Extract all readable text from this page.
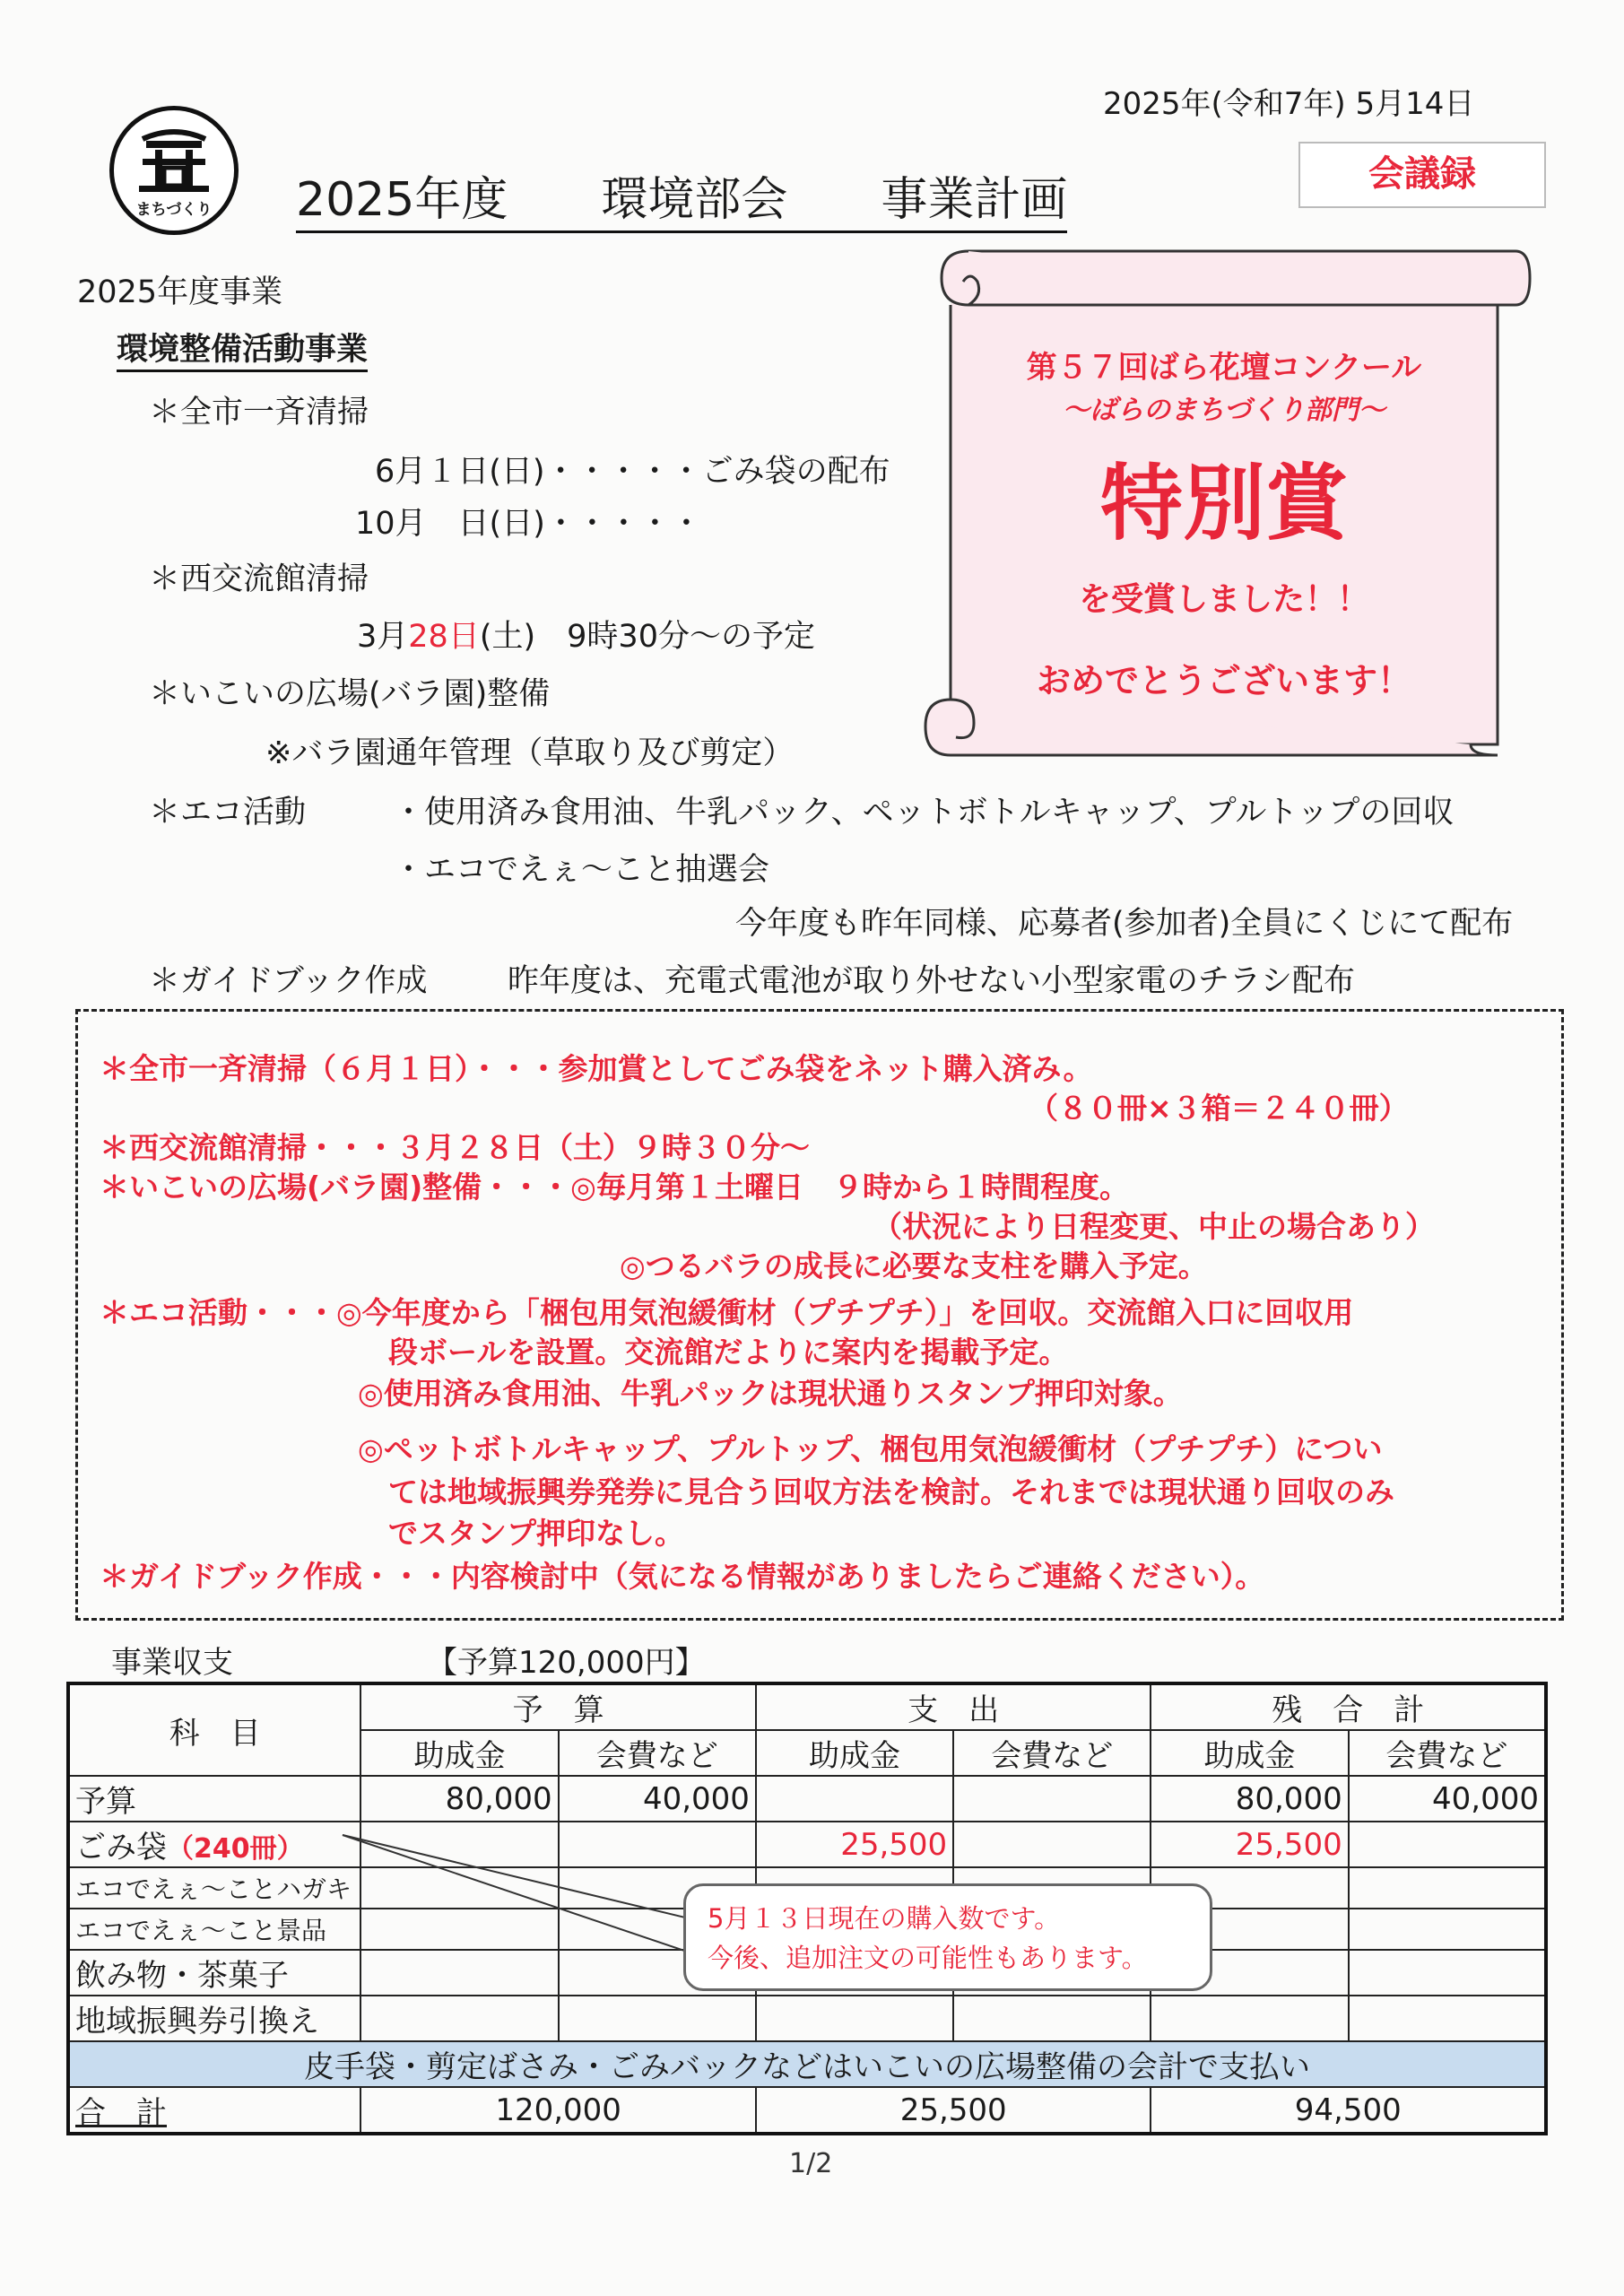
2025年(令和7年) 5月14日
まちづくり	2025年度　　環境部会　　事業計画	会議録
2025年度事業
環境整備活動事業
＊全市一斉清掃
6月１日(日)・・・・・ごみ袋の配布
10月　日(日)・・・・・
＊西交流館清掃
3月28日(土)　9時30分～の予定
＊いこいの広場(バラ園)整備
※バラ園通年管理（草取り及び剪定）
＊エコ活動	・使用済み食用油、牛乳パック、ペットボトルキャップ、プルトップの回収
・エコでえぇ～こと抽選会
今年度も昨年同様、応募者(参加者)全員にくじにて配布
＊ガイドブック作成	昨年度は、充電式電池が取り外せない小型家電のチラシ配布
第５７回ばら花壇コンクール
～ばらのまちづくり部門～
特別賞
を受賞しました！！
おめでとうございます！
＊全市一斉清掃（６月１日）・・・参加賞としてごみ袋をネット購入済み。
（８０冊×３箱＝２４０冊）
＊西交流館清掃・・・３月２８日（土）９時３０分～
＊いこいの広場(バラ園)整備・・・◎毎月第１土曜日　９時から１時間程度。
（状況により日程変更、中止の場合あり）
◎つるバラの成長に必要な支柱を購入予定。
＊エコ活動・・・◎今年度から「梱包用気泡緩衝材（プチプチ）」を回収。交流館入口に回収用
段ボールを設置。交流館だよりに案内を掲載予定。
◎使用済み食用油、牛乳パックは現状通りスタンプ押印対象。
◎ペットボトルキャップ、プルトップ、梱包用気泡緩衝材（プチプチ）につい
ては地域振興券発券に見合う回収方法を検討。それまでは現状通り回収のみ
でスタンプ押印なし。
＊ガイドブック作成・・・内容検討中（気になる情報がありましたらご連絡ください）。
事業収支	【予算120,000円】
科　目	予　算		支　出		残　合　計	
	助成金	会費など	助成金	会費など	助成金	会費など
予算	80,000	40,000			80,000	40,000
ごみ袋（240冊）			25,500		25,500	
エコでえぇ～ことハガキ						
エコでえぇ～こと景品						
飲み物・茶菓子						
地域振興券引換え						
皮手袋・剪定ばさみ・ごみバックなどはいこいの広場整備の会計で支払い						
合　計	120,000		25,500		94,500	
5月１３日現在の購入数です。
今後、追加注文の可能性もあります。
1/2
